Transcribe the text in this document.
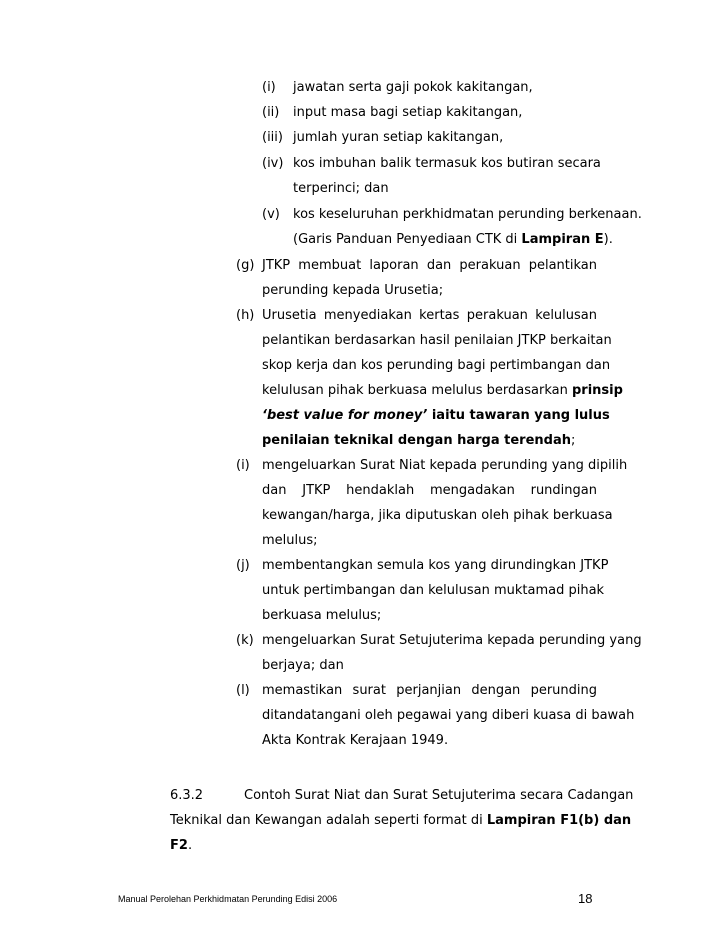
(i) jawatan serta gaji pokok kakitangan,
(ii) input masa bagi setiap kakitangan,
(iii) jumlah yuran setiap kakitangan,
(iv) kos imbuhan balik termasuk kos butiran secara
terperinci; dan
(v) kos keseluruhan perkhidmatan perunding berkenaan.
(Garis Panduan Penyediaan CTK di Lampiran E).
(g) JTKP membuat laporan dan perakuan pelantikan
perunding kepada Urusetia;
(h) Urusetia menyediakan kertas perakuan kelulusan
pelantikan berdasarkan hasil penilaian JTKP berkaitan
skop kerja dan kos perunding bagi pertimbangan dan
kelulusan pihak berkuasa melulus berdasarkan prinsip
‘best value for money’ iaitu tawaran yang lulus
penilaian teknikal dengan harga terendah;
(i) mengeluarkan Surat Niat kepada perunding yang dipilih
dan JTKP hendaklah mengadakan rundingan
kewangan/harga, jika diputuskan oleh pihak berkuasa
melulus;
(j) membentangkan semula kos yang dirundingkan JTKP
untuk pertimbangan dan kelulusan muktamad pihak
berkuasa melulus;
(k) mengeluarkan Surat Setujuterima kepada perunding yang
berjaya; dan
(l) memastikan surat perjanjian dengan perunding
ditandatangani oleh pegawai yang diberi kuasa di bawah
Akta Kontrak Kerajaan 1949.
6.3.2	Contoh Surat Niat dan Surat Setujuterima secara Cadangan
Teknikal dan Kewangan adalah seperti format di Lampiran F1(b) dan
F2.
Manual Perolehan Perkhidmatan Perunding Edisi 2006	18
